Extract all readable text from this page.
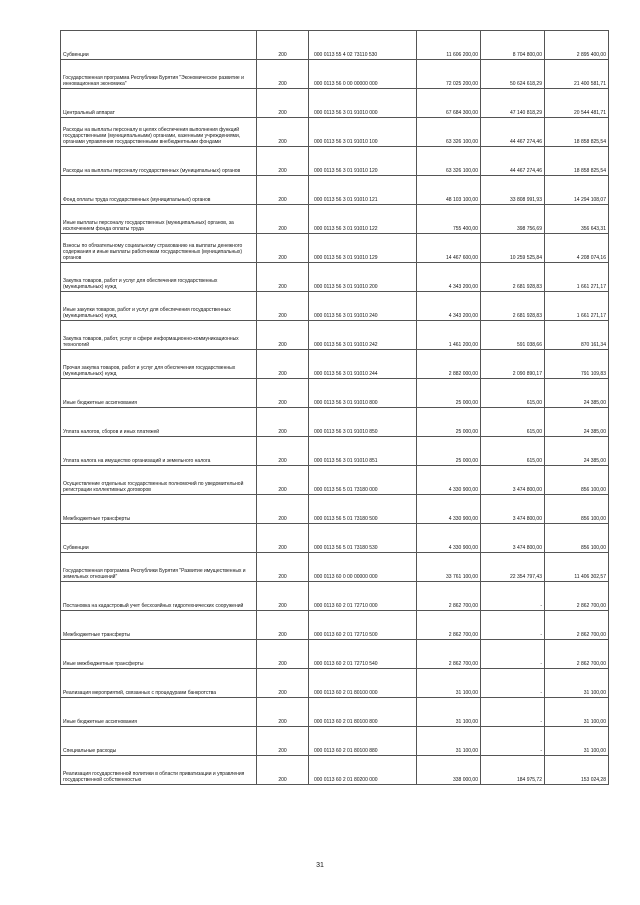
Субвенции	200	000 0113 55 4 02 73110 530	11 606 200,00	8 704 800,00	2 895 400,00
Государственная программа Республики Бурятия "Экономическое развитие и инновационная экономика"	200	000 0113 56 0 00 00000 000	72 025 200,00	50 624 618,29	21 400 581,71
Центральный аппарат	200	000 0113 56 3 01 91010 000	67 684 300,00	47 140 818,29	20 544 481,71
Расходы на выплаты персоналу в целях обеспечения выполнения функций государственными (муниципальными) органами, казенными учреждениями, органами управления государственными внебюджетными фондами	200	000 0113 56 3 01 91010 100	63 326 100,00	44 467 274,46	18 858 825,54
Расходы на выплаты персоналу государственных (муниципальных) органов	200	000 0113 56 3 01 91010 120	63 326 100,00	44 467 274,46	18 858 825,54
Фонд оплаты труда государственных (муниципальных) органов	200	000 0113 56 3 01 91010 121	48 103 100,00	33 808 991,93	14 294 108,07
Иные выплаты персоналу государственных (муниципальных) органов, за исключением фонда оплаты труда	200	000 0113 56 3 01 91010 122	755 400,00	398 756,69	356 643,31
Взносы по обязательному социальному страхованию на выплаты денежного содержания и иные выплаты работникам государственных (муниципальных) органов	200	000 0113 56 3 01 91010 129	14 467 600,00	10 259 525,84	4 208 074,16
Закупка товаров, работ и услуг для обеспечения государственных (муниципальных) нужд	200	000 0113 56 3 01 91010 200	4 343 200,00	2 681 928,83	1 661 271,17
Иные закупки товаров, работ и услуг для обеспечения государственных (муниципальных) нужд	200	000 0113 56 3 01 91010 240	4 343 200,00	2 681 928,83	1 661 271,17
Закупка товаров, работ, услуг в сфере информационно-коммуникационных технологий	200	000 0113 56 3 01 91010 242	1 461 200,00	591 038,66	870 161,34
Прочая закупка товаров, работ и услуг для обеспечения государственных (муниципальных) нужд	200	000 0113 56 3 01 91010 244	2 882 000,00	2 090 890,17	791 109,83
Иные бюджетные ассигнования	200	000 0113 56 3 01 91010 800	25 000,00	615,00	24 385,00
Уплата налогов, сборов и иных платежей	200	000 0113 56 3 01 91010 850	25 000,00	615,00	24 385,00
Уплата налога на имущество организаций и земельного налога	200	000 0113 56 3 01 91010 851	25 000,00	615,00	24 385,00
Осуществление отдельных государственных полномочий по уведомительной регистрации коллективных договоров	200	000 0113 56 5 01 73180 000	4 330 900,00	3 474 800,00	856 100,00
Межбюджетные трансферты	200	000 0113 56 5 01 73180 500	4 330 900,00	3 474 800,00	856 100,00
Субвенции	200	000 0113 56 5 01 73180 530	4 330 900,00	3 474 800,00	856 100,00
Государственная программа Республики Бурятия "Развитие имущественных и земельных отношений"	200	000 0113 60 0 00 00000 000	33 761 100,00	22 354 797,43	11 406 302,57
Постановка на кадастровый учет бесхозяйных гидротехнических сооружений	200	000 0113 60 2 01 72710 000	2 862 700,00	-	2 862 700,00
Межбюджетные трансферты	200	000 0113 60 2 01 72710 500	2 862 700,00	-	2 862 700,00
Иные межбюджетные трансферты	200	000 0113 60 2 01 72710 540	2 862 700,00	-	2 862 700,00
Реализация мероприятий, связанных с процедурами банкротства	200	000 0113 60 2 01 80100 000	31 100,00	-	31 100,00
Иные бюджетные ассигнования	200	000 0113 60 2 01 80100 800	31 100,00	-	31 100,00
Специальные расходы	200	000 0113 60 2 01 80100 880	31 100,00	-	31 100,00
Реализация государственной политики в области приватизации и управления государственной собственностью	200	000 0113 60 2 01 80200 000	338 000,00	184 975,72	153 024,28
31
